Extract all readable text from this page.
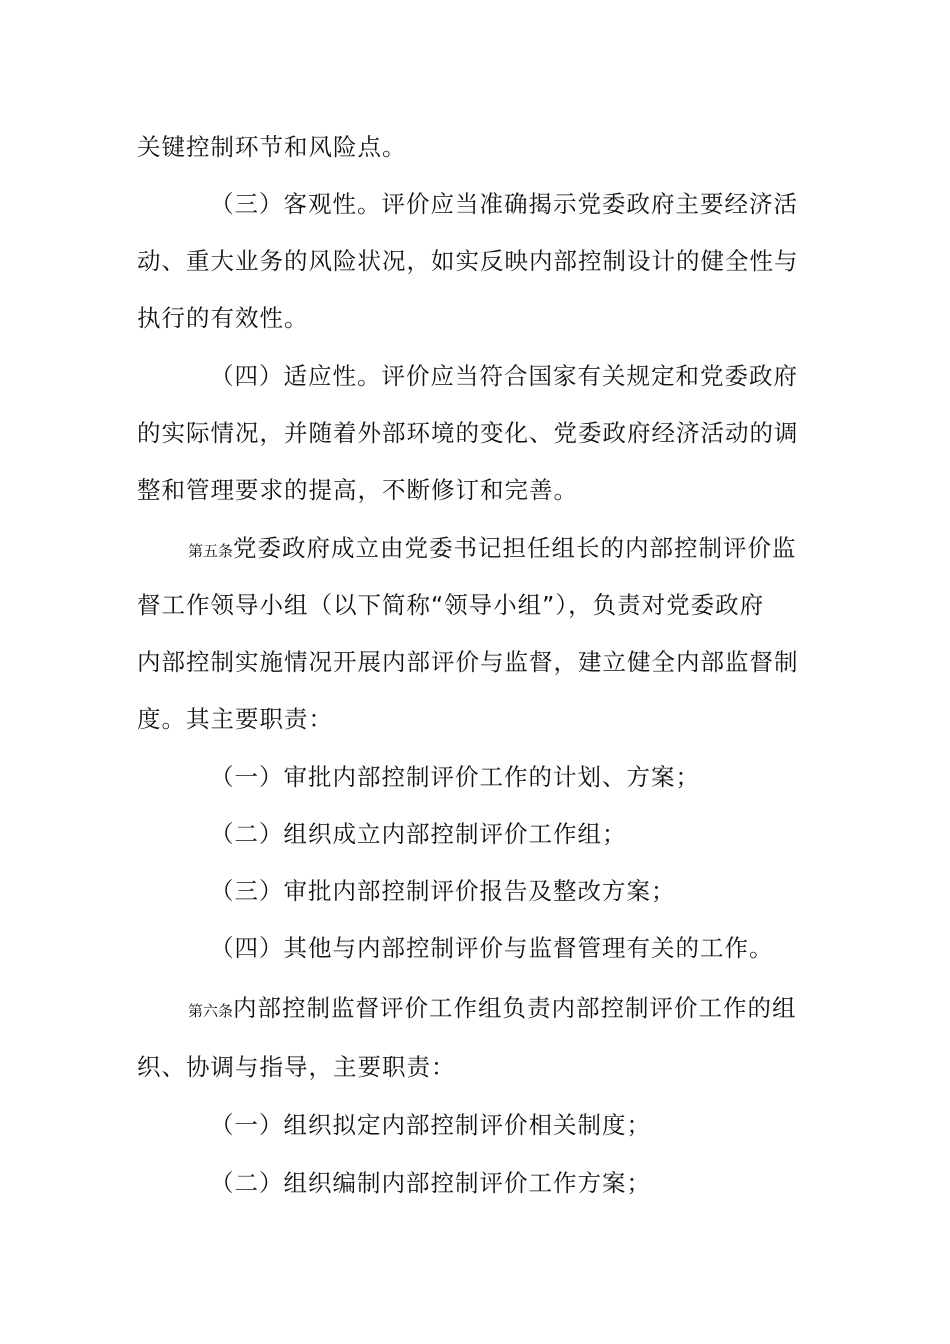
关键控制环节和风险点。
（三）客观性。评价应当准确揭示党委政府主要经济活
动、重大业务的风险状况，如实反映内部控制设计的健全性与
执行的有效性。
（四）适应性。评价应当符合国家有关规定和党委政府
的实际情况，并随着外部环境的变化、党委政府经济活动的调
整和管理要求的提高，不断修订和完善。
第五条党委政府成立由党委书记担任组长的内部控制评价监
督工作领导小组（以下简称“领导小组”），负责对党委政府
内部控制实施情况开展内部评价与监督，建立健全内部监督制
度。其主要职责：
（一）审批内部控制评价工作的计划、方案；
（二）组织成立内部控制评价工作组；
（三）审批内部控制评价报告及整改方案；
（四）其他与内部控制评价与监督管理有关的工作。
第六条内部控制监督评价工作组负责内部控制评价工作的组
织、协调与指导，主要职责：
（一）组织拟定内部控制评价相关制度；
（二）组织编制内部控制评价工作方案；
